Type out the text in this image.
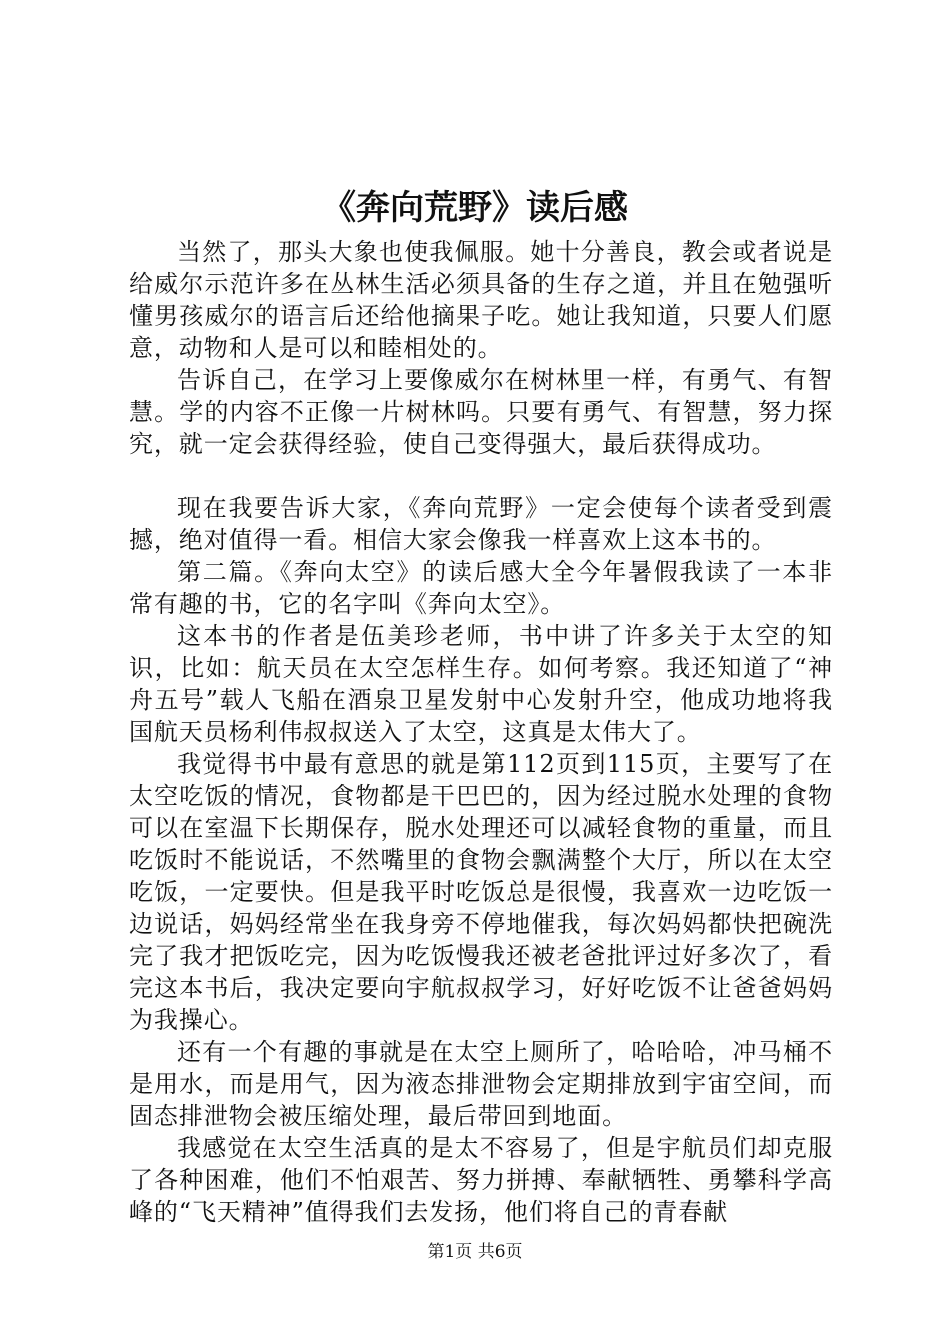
《奔向荒野》读后感

当然了，那头大象也使我佩服。她十分善良，教会或者说是给威尔示范许多在丛林生活必须具备的生存之道，并且在勉强听懂男孩威尔的语言后还给他摘果子吃。她让我知道，只要人们愿意，动物和人是可以和睦相处的。

告诉自己，在学习上要像威尔在树林里一样，有勇气、有智慧。学的内容不正像一片树林吗。只要有勇气、有智慧，努力探究，就一定会获得经验，使自己变得强大，最后获得成功。

现在我要告诉大家，《奔向荒野》一定会使每个读者受到震撼，绝对值得一看。相信大家会像我一样喜欢上这本书的。

第二篇。《奔向太空》的读后感大全今年暑假我读了一本非常有趣的书，它的名字叫《奔向太空》。

这本书的作者是伍美珍老师，书中讲了许多关于太空的知识，比如：航天员在太空怎样生存。如何考察。我还知道了“神舟五号”载人飞船在酒泉卫星发射中心发射升空，他成功地将我国航天员杨利伟叔叔送入了太空，这真是太伟大了。

我觉得书中最有意思的就是第112页到115页，主要写了在太空吃饭的情况，食物都是干巴巴的，因为经过脱水处理的食物可以在室温下长期保存，脱水处理还可以减轻食物的重量，而且吃饭时不能说话，不然嘴里的食物会飘满整个大厅，所以在太空吃饭，一定要快。但是我平时吃饭总是很慢，我喜欢一边吃饭一边说话，妈妈经常坐在我身旁不停地催我，每次妈妈都快把碗洗完了我才把饭吃完，因为吃饭慢我还被老爸批评过好多次了，看完这本书后，我决定要向宇航叔叔学习，好好吃饭不让爸爸妈妈为我操心。

还有一个有趣的事就是在太空上厕所了，哈哈哈，冲马桶不是用水，而是用气，因为液态排泄物会定期排放到宇宙空间，而固态排泄物会被压缩处理，最后带回到地面。

我感觉在太空生活真的是太不容易了，但是宇航员们却克服了各种困难，他们不怕艰苦、努力拼搏、奉献牺牲、勇攀科学高峰的“飞天精神”值得我们去发扬，他们将自己的青春献

第1页 共6页
